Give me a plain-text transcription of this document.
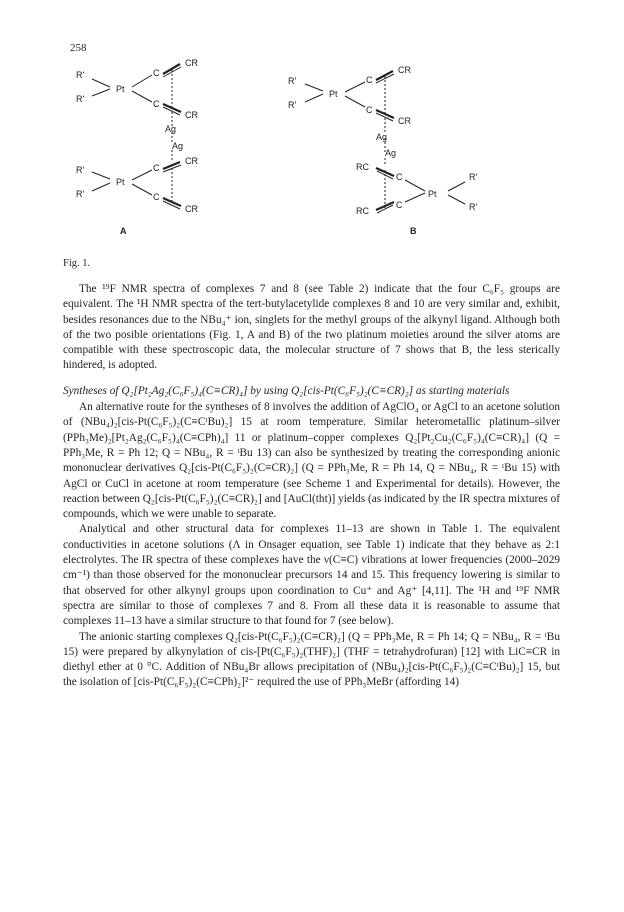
258
R'
R'
Pt
C
C
CR
CR
Ag
Ag
R'
R'
Pt
C
C
CR
CR
A
R'
R'
Pt
C
C
CR
CR
Ag
Ag
RC
RC
C
C
Pt
R'
R'
B
Fig. 1.

The ¹⁹F NMR spectra of complexes 7 and 8 (see Table 2) indicate that the four C₆F₅ groups are equivalent. The ¹H NMR spectra of the tert-butylacetylide complexes 8 and 10 are very similar and, exhibit, besides resonances due to the NBu₄⁺ ion, singlets for the methyl groups of the alkynyl ligand. Although both of the two posible orientations (Fig. 1, A and B) of the two platinum moieties around the silver atoms are compatible with these spectroscopic data, the molecular structure of 7 shows that B, the less sterically hindered, is adopted.

Syntheses of Q₂[Pt₂Ag₂(C₆F₅)₄(C≡CR)₄] by using Q₂[cis-Pt(C₆F₅)₂(C≡CR)₂] as starting materials

An alternative route for the syntheses of 8 involves the addition of AgClO₄ or AgCl to an acetone solution of (NBu₄)₂[cis-Pt(C₆F₅)₂(C≡CᵗBu)₂] 15 at room temperature. Similar heterometallic platinum–silver (PPh₃Me)₂[Pt₂Ag₂(C₆F₅)₄(C≡CPh)₄] 11 or platinum–copper complexes Q₂[Pt₂Cu₂(C₆F₅)₄(C≡CR)₄] (Q = PPh₃Me, R = Ph 12; Q = NBu₄, R = ᵗBu 13) can also be synthesized by treating the corresponding anionic mononuclear derivatives Q₂[cis-Pt(C₆F₅)₂(C≡CR)₂] (Q = PPh₃Me, R = Ph 14, Q = NBu₄, R = ᵗBu 15) with AgCl or CuCl in acetone at room temperature (see Scheme 1 and Experimental for details). However, the reaction between Q₂[cis-Pt(C₆F₅)₂(C≡CR)₂] and [AuCl(tht)] yields (as indicated by the IR spectra mixtures of compounds, which we were unable to separate.

Analytical and other structural data for complexes 11–13 are shown in Table 1. The equivalent conductivities in acetone solutions (Λ in Onsager equation, see Table 1) indicate that they behave as 2:1 electrolytes. The IR spectra of these complexes have the ν(C≡C) vibrations at lower frequencies (2000–2029 cm⁻¹) than those observed for the mononuclear precursors 14 and 15. This frequency lowering is similar to that observed for other alkynyl groups upon coordination to Cu⁺ and Ag⁺ [4,11]. The ¹H and ¹⁹F NMR spectra are similar to those of complexes 7 and 8. From all these data it is reasonable to assume that complexes 11–13 have a similar structure to that found for 7 (see below).

The anionic starting complexes Q₂[cis-Pt(C₆F₅)₂(C≡CR)₂] (Q = PPh₃Me, R = Ph 14; Q = NBu₄, R = ᵗBu 15) were prepared by alkynylation of cis-[Pt(C₆F₅)₂(THF)₂] (THF = tetrahydrofuran) [12] with LiC≡CR in diethyl ether at 0 °C. Addition of NBu₄Br allows precipitation of (NBu₄)₂[cis-Pt(C₆F₅)₂(C≡CᵗBu)₂] 15, but the isolation of [cis-Pt(C₆F₅)₂(C≡CPh)₂]²⁻ required the use of PPh₃MeBr (affording 14)
